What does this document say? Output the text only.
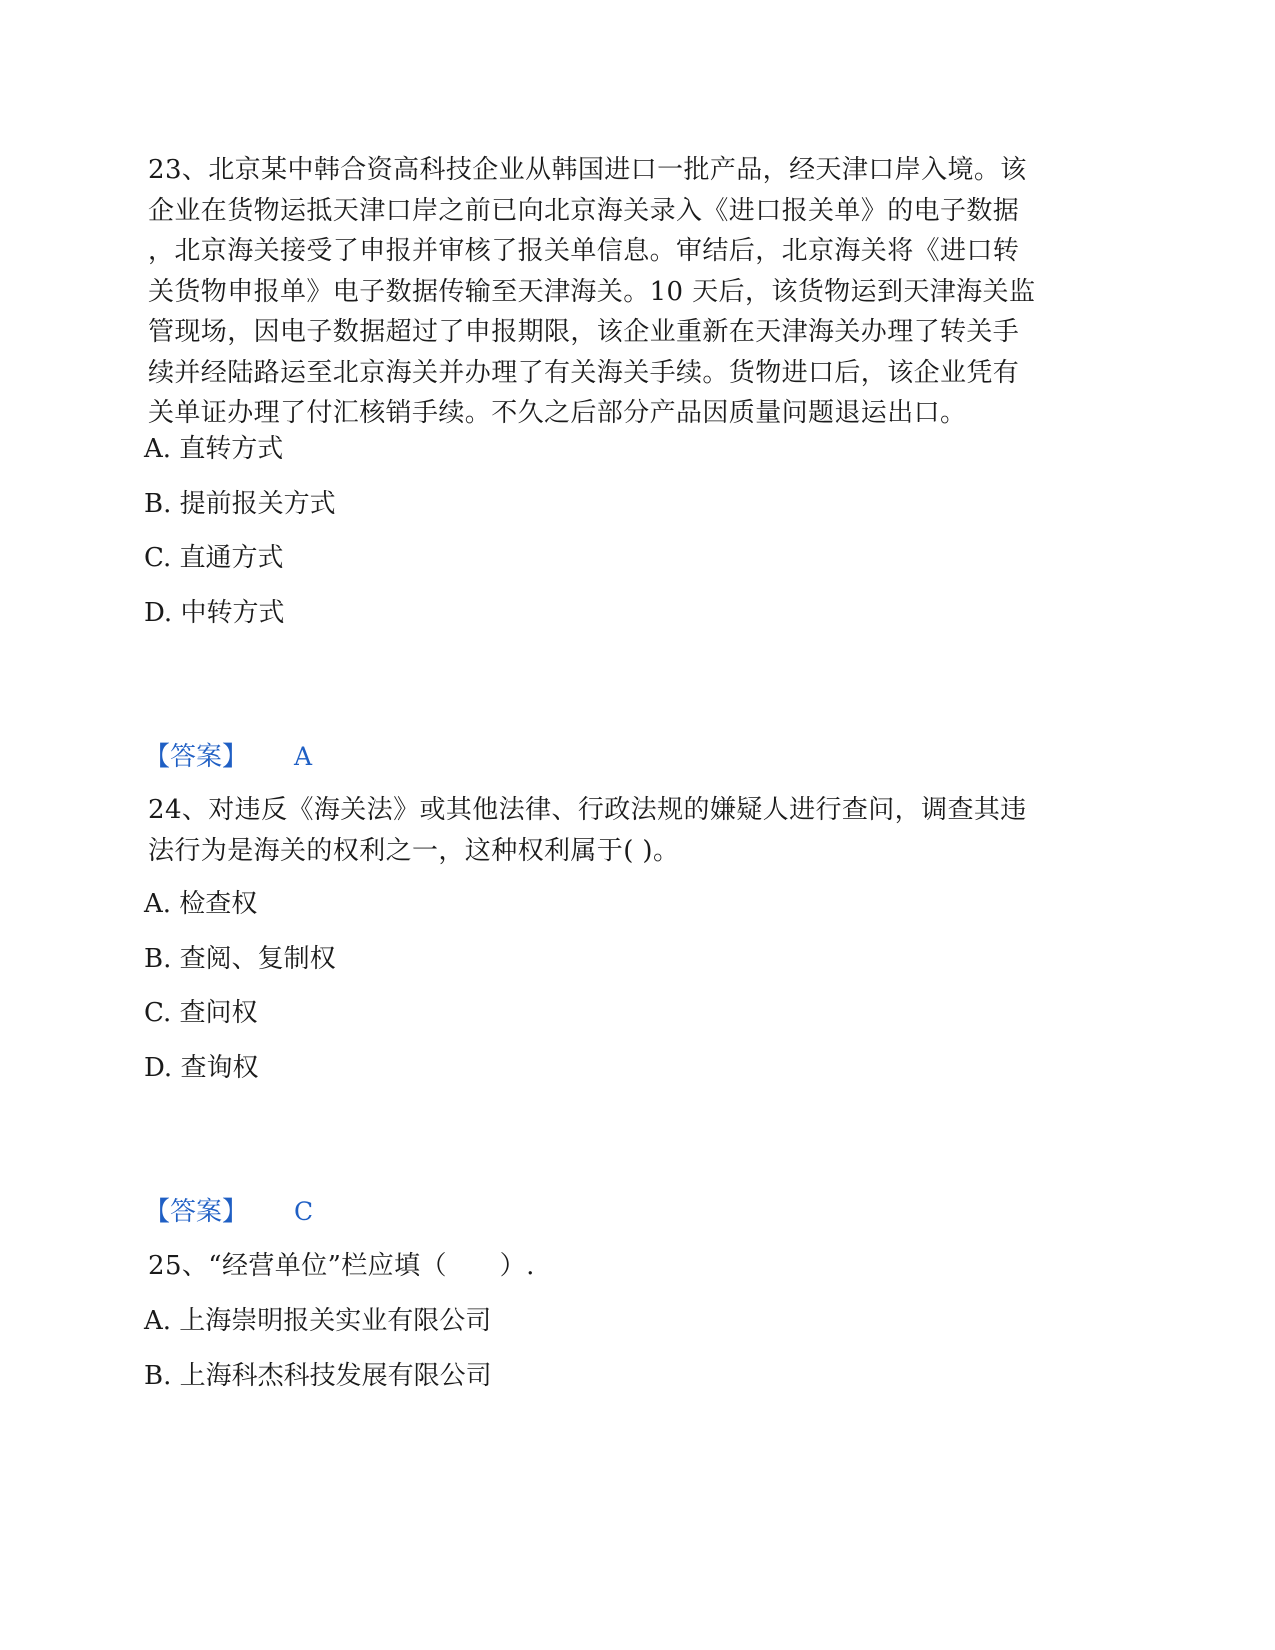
23、北京某中韩合资高科技企业从韩国进口一批产品，经天津口岸入境。该
企业在货物运抵天津口岸之前已向北京海关录入《进口报关单》的电子数据
，北京海关接受了申报并审核了报关单信息。审结后，北京海关将《进口转
关货物申报单》电子数据传输至天津海关。10 天后，该货物运到天津海关监
管现场，因电子数据超过了申报期限，该企业重新在天津海关办理了转关手
续并经陆路运至北京海关并办理了有关海关手续。货物进口后，该企业凭有
关单证办理了付汇核销手续。不久之后部分产品因质量问题退运出口。

A. 直转方式

B. 提前报关方式

C. 直通方式

D. 中转方式

【答案】 A

24、对违反《海关法》或其他法律、行政法规的嫌疑人进行查问，调查其违
法行为是海关的权利之一，这种权利属于( )。

A. 检查权

B. 查阅、复制权

C. 查问权

D. 查询权

【答案】 C

25、“经营单位”栏应填（　　）.

A. 上海崇明报关实业有限公司

B. 上海科杰科技发展有限公司
